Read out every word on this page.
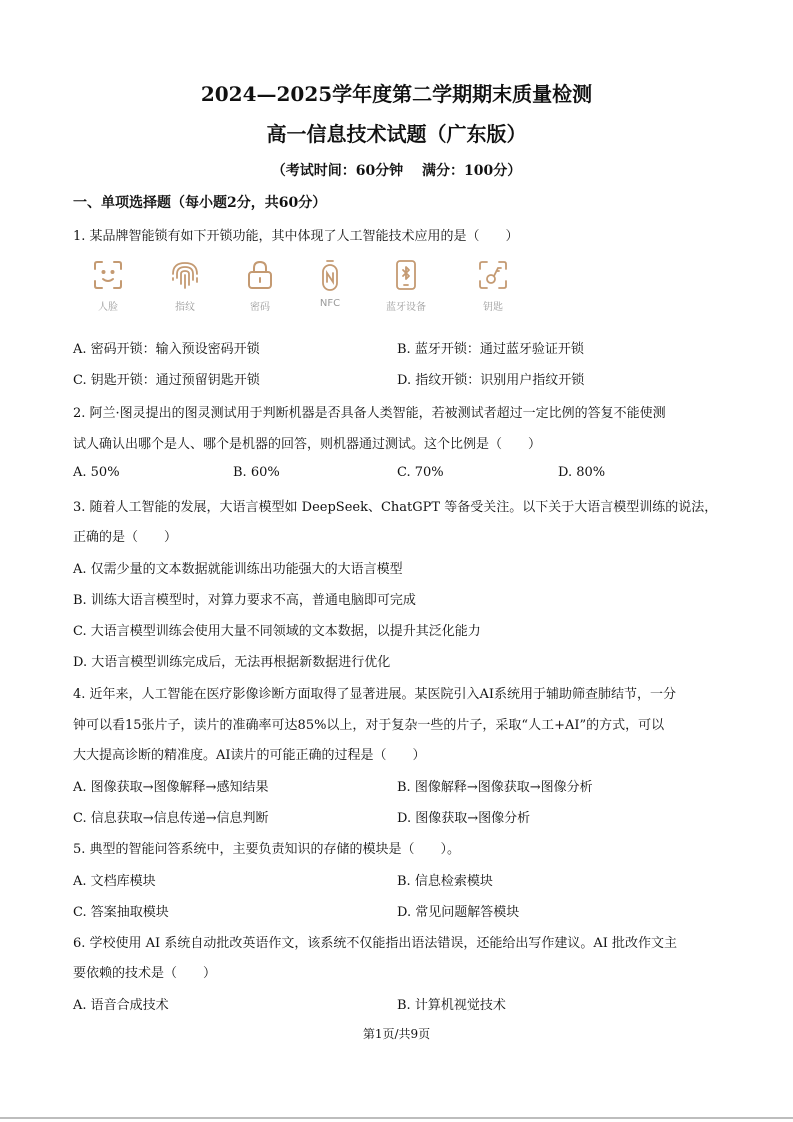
2024—2025学年度第二学期期末质量检测
高一信息技术试题（广东版）
（考试时间：60分钟　 满分：100分）
一、单项选择题（每小题2分，共60分）
1. 某品牌智能锁有如下开锁功能，其中体现了人工智能技术应用的是（　　）
人脸	指纹	密码	NFC	蓝牙设备	钥匙
A. 密码开锁：输入预设密码开锁	B. 蓝牙开锁：通过蓝牙验证开锁
C. 钥匙开锁：通过预留钥匙开锁	D. 指纹开锁：识别用户指纹开锁
2. 阿兰·图灵提出的图灵测试用于判断机器是否具备人类智能，若被测试者超过一定比例的答复不能使测
试人确认出哪个是人、哪个是机器的回答，则机器通过测试。这个比例是（　　）
A. 50%	B. 60%	C. 70%	D. 80%
3. 随着人工智能的发展，大语言模型如 DeepSeek、ChatGPT 等备受关注。以下关于大语言模型训练的说法，
正确的是（　　）
A. 仅需少量的文本数据就能训练出功能强大的大语言模型
B. 训练大语言模型时，对算力要求不高，普通电脑即可完成
C. 大语言模型训练会使用大量不同领域的文本数据，以提升其泛化能力
D. 大语言模型训练完成后，无法再根据新数据进行优化
4. 近年来，人工智能在医疗影像诊断方面取得了显著进展。某医院引入AI系统用于辅助筛查肺结节，一分
钟可以看15张片子，读片的准确率可达85%以上，对于复杂一些的片子，采取“人工+AI”的方式，可以
大大提高诊断的精准度。AI读片的可能正确的过程是（　　）
A. 图像获取→图像解释→感知结果	B. 图像解释→图像获取→图像分析
C. 信息获取→信息传递→信息判断	D. 图像获取→图像分析
5. 典型的智能问答系统中，主要负责知识的存储的模块是（　　）。
A. 文档库模块	B. 信息检索模块
C. 答案抽取模块	D. 常见问题解答模块
6. 学校使用 AI 系统自动批改英语作文，该系统不仅能指出语法错误，还能给出写作建议。AI 批改作文主
要依赖的技术是（　　）
A. 语音合成技术	B. 计算机视觉技术
第1页/共9页
